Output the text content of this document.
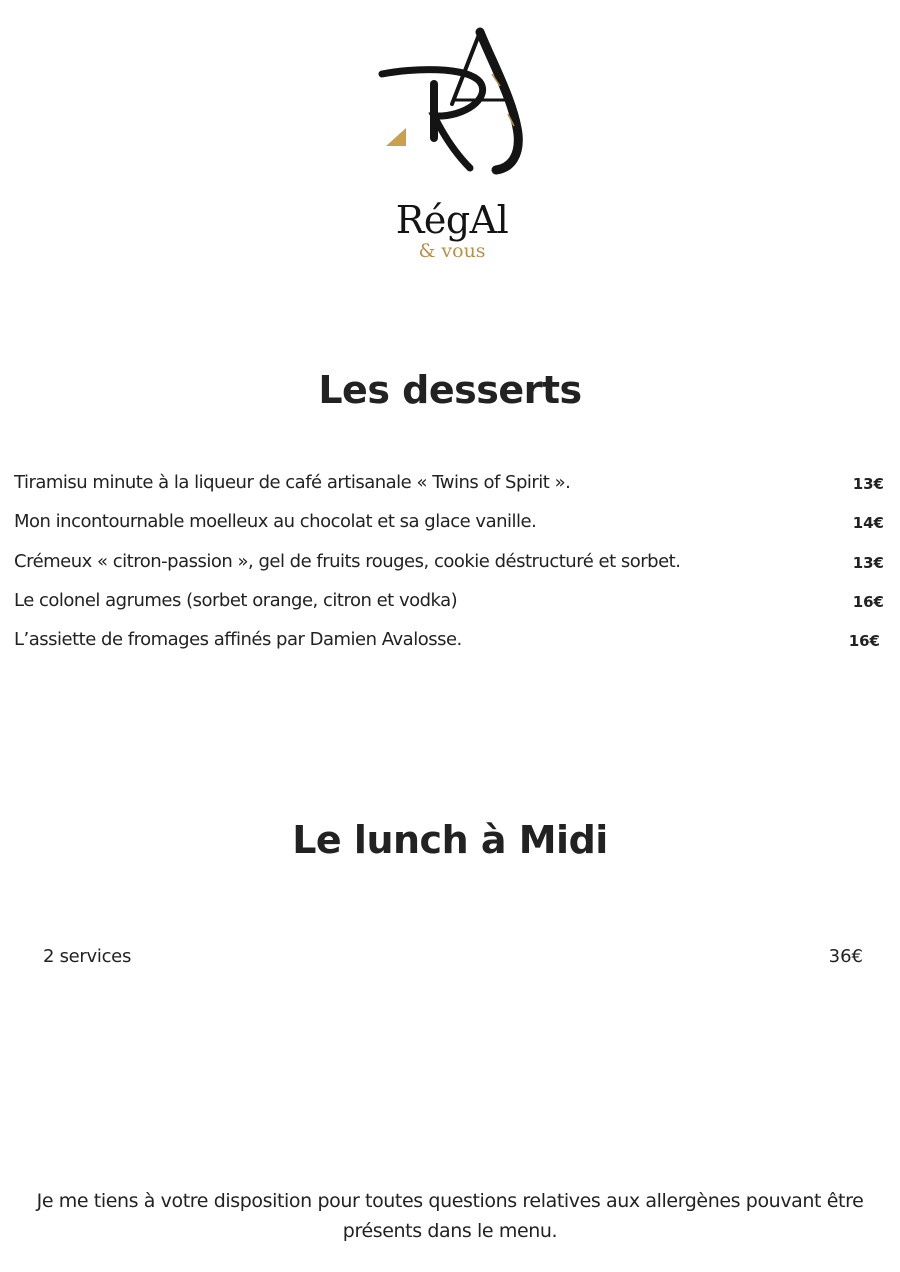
RégAl
& vous
Les desserts
Tiramisu minute à la liqueur de café artisanale « Twins of Spirit ».	13€
Mon incontournable moelleux au chocolat et sa glace vanille.	14€
Crémeux « citron-passion », gel de fruits rouges, cookie déstructuré et sorbet.	13€
Le colonel agrumes (sorbet orange, citron et vodka)	16€
L’assiette de fromages affinés par Damien Avalosse.	16€
Le lunch à Midi
2 services	36€
Je me tiens à votre disposition pour toutes questions relatives aux allergènes pouvant être présents dans le menu.
